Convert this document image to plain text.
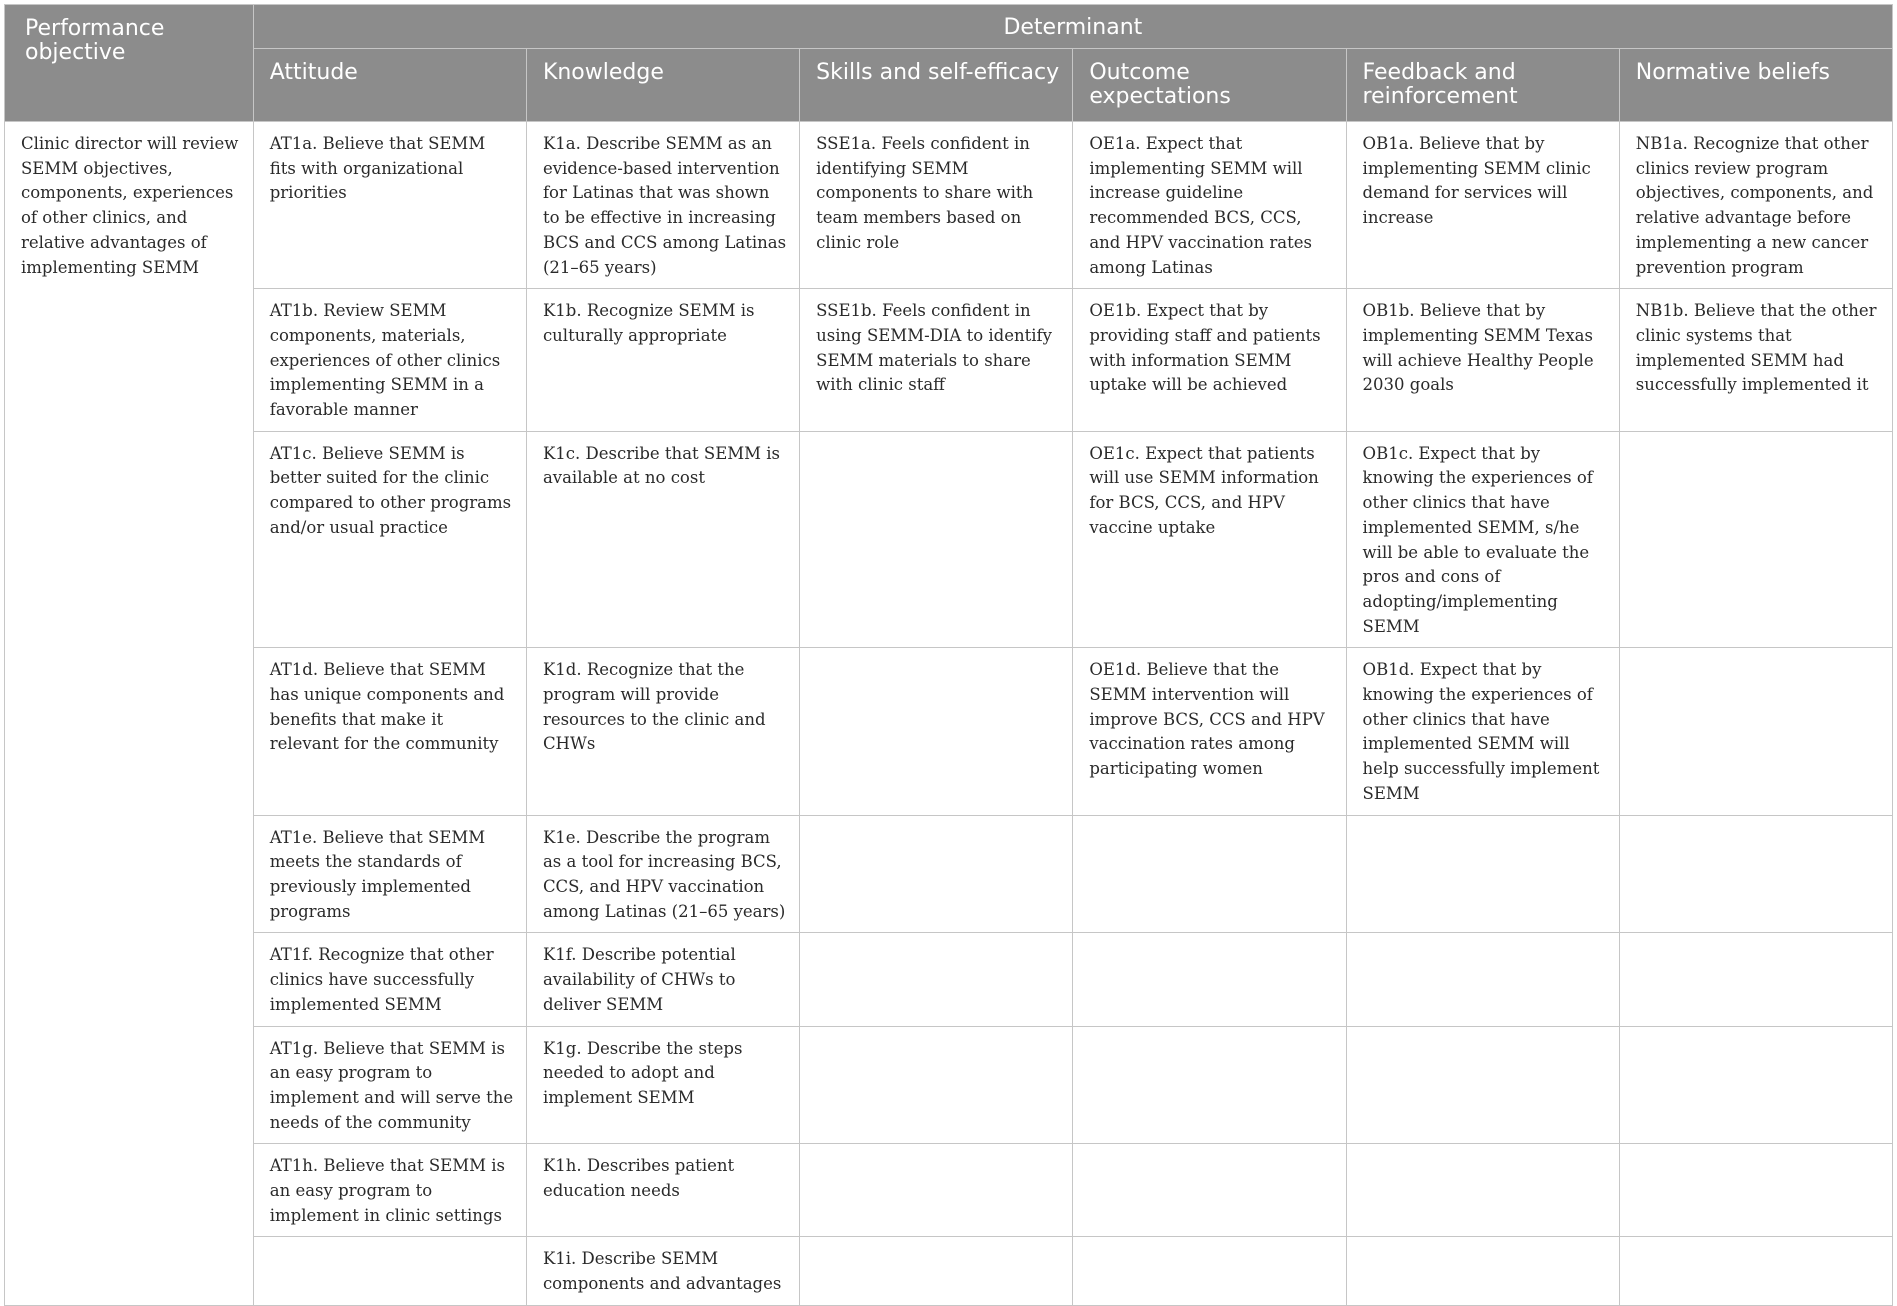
Performance objective	Determinant					
	Attitude	Knowledge	Skills and self-efficacy	Outcome expectations	Feedback and reinforcement	Normative beliefs
Clinic director will review SEMM objectives, components, experiences of other clinics, and relative advantages of implementing SEMM	AT1a. Believe that SEMM fits with organizational priorities	K1a. Describe SEMM as an evidence-based intervention for Latinas that was shown to be effective in increasing BCS and CCS among Latinas (21–65 years)	SSE1a. Feels confident in identifying SEMM components to share with team members based on clinic role	OE1a. Expect that implementing SEMM will increase guideline recommended BCS, CCS, and HPV vaccination rates among Latinas	OB1a. Believe that by implementing SEMM clinic demand for services will increase	NB1a. Recognize that other clinics review program objectives, components, and relative advantage before implementing a new cancer prevention program
	AT1b. Review SEMM components, materials, experiences of other clinics implementing SEMM in a favorable manner	K1b. Recognize SEMM is culturally appropriate	SSE1b. Feels confident in using SEMM-DIA to identify SEMM materials to share with clinic staff	OE1b. Expect that by providing staff and patients with information SEMM uptake will be achieved	OB1b. Believe that by implementing SEMM Texas will achieve Healthy People 2030 goals	NB1b. Believe that the other clinic systems that implemented SEMM had successfully implemented it
	AT1c. Believe SEMM is better suited for the clinic compared to other programs and/or usual practice	K1c. Describe that SEMM is available at no cost		OE1c. Expect that patients will use SEMM information for BCS, CCS, and HPV vaccine uptake	OB1c. Expect that by knowing the experiences of other clinics that have implemented SEMM, s/he will be able to evaluate the pros and cons of adopting/implementing SEMM	
	AT1d. Believe that SEMM has unique components and benefits that make it relevant for the community	K1d. Recognize that the program will provide resources to the clinic and CHWs		OE1d. Believe that the SEMM intervention will improve BCS, CCS and HPV vaccination rates among participating women	OB1d. Expect that by knowing the experiences of other clinics that have implemented SEMM will help successfully implement SEMM	
	AT1e. Believe that SEMM meets the standards of previously implemented programs	K1e. Describe the program as a tool for increasing BCS, CCS, and HPV vaccination among Latinas (21–65 years)				
	AT1f. Recognize that other clinics have successfully implemented SEMM	K1f. Describe potential availability of CHWs to deliver SEMM				
	AT1g. Believe that SEMM is an easy program to implement and will serve the needs of the community	K1g. Describe the steps needed to adopt and implement SEMM				
	AT1h. Believe that SEMM is an easy program to implement in clinic settings	K1h. Describes patient education needs				
		K1i. Describe SEMM components and advantages				
